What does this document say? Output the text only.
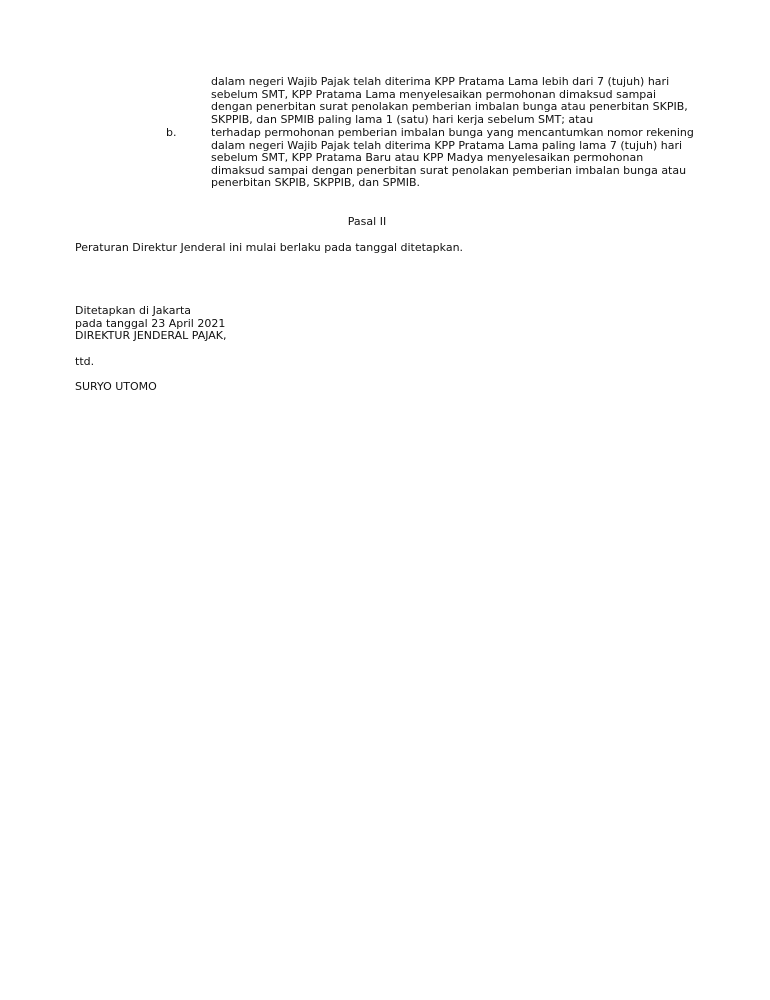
dalam negeri Wajib Pajak telah diterima KPP Pratama Lama lebih dari 7 (tujuh) hari
sebelum SMT, KPP Pratama Lama menyelesaikan permohonan dimaksud sampai
dengan penerbitan surat penolakan pemberian imbalan bunga atau penerbitan SKPIB,
SKPPIB, dan SPMIB paling lama 1 (satu) hari kerja sebelum SMT; atau
b.	terhadap permohonan pemberian imbalan bunga yang mencantumkan nomor rekening
dalam negeri Wajib Pajak telah diterima KPP Pratama Lama paling lama 7 (tujuh) hari
sebelum SMT, KPP Pratama Baru atau KPP Madya menyelesaikan permohonan
dimaksud sampai dengan penerbitan surat penolakan pemberian imbalan bunga atau
penerbitan SKPIB, SKPPIB, dan SPMIB.
Pasal II
Peraturan Direktur Jenderal ini mulai berlaku pada tanggal ditetapkan.
Ditetapkan di Jakarta
pada tanggal 23 April 2021
DIREKTUR JENDERAL PAJAK,
ttd.
SURYO UTOMO
